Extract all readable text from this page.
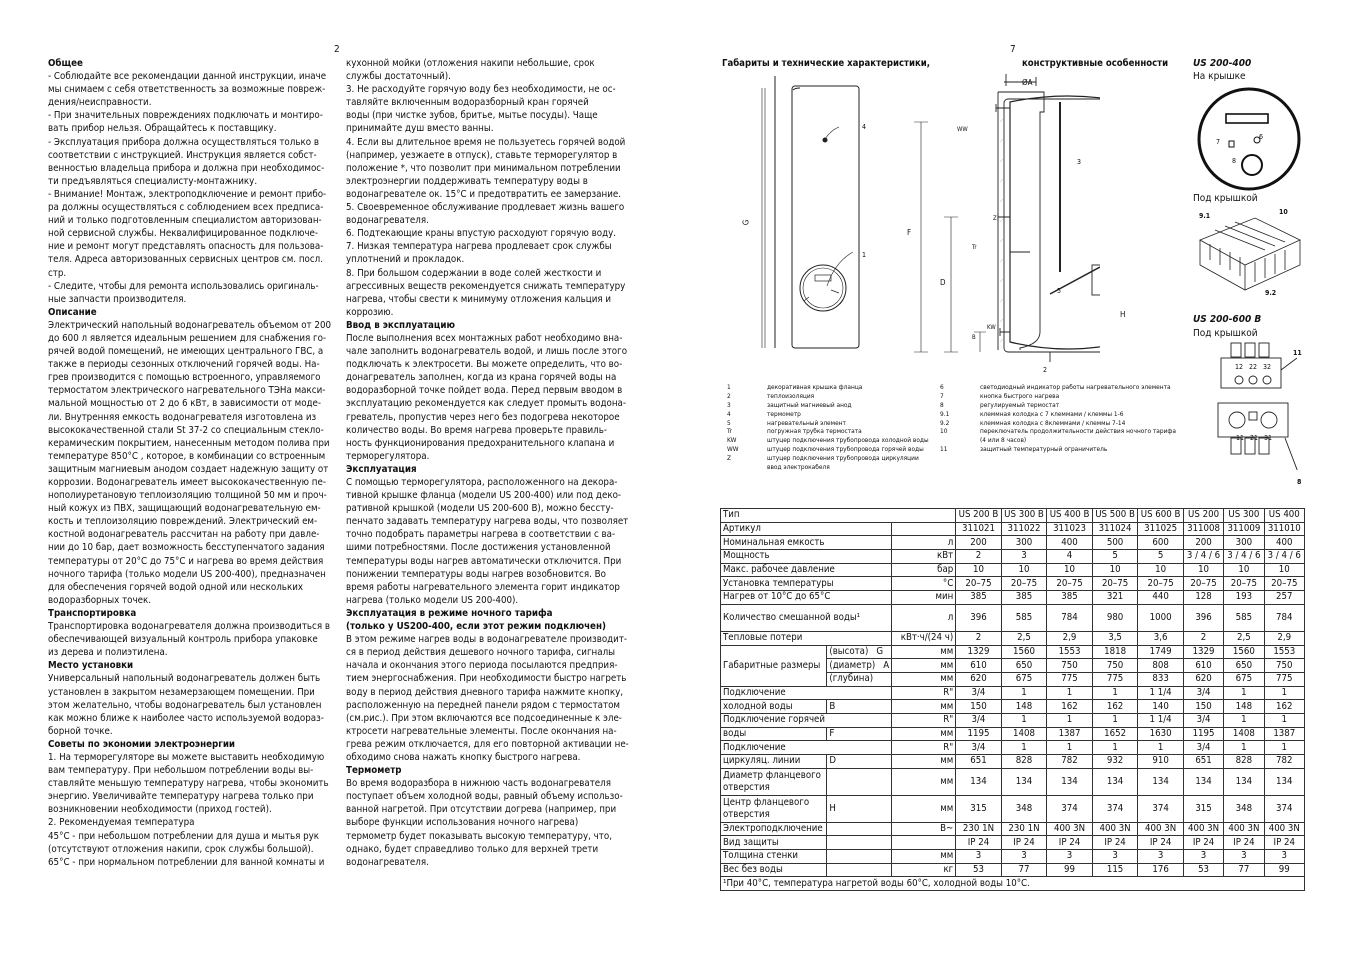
2	7

Общее

- Соблюдайте все рекомендации данной инструкции, иначе

мы снимаем с себя ответственность за возможные повреж-

дения/неисправности.

- При значительных повреждениях подключать и монтиро-

вать прибор нельзя. Обращайтесь к поставщику.

- Эксплуатация прибора должна осуществляться только в

соответствии с инструкцией. Инструкция является собст-

венностью владельца прибора и должна при необходимос-

ти предъявляться специалисту-монтажнику.

- Внимание! Монтаж, электроподключение и ремонт прибо-

ра должны осуществляться с соблюдением всех предписа-

ний и только подготовленным специалистом авторизован-

ной сервисной службы. Неквалифицированное подключе-

ние и ремонт могут представлять опасность для пользова-

теля. Адреса авторизованных сервисных центров см. посл.

стр.

- Следите, чтобы для ремонта использовались оригиналь-

ные запчасти производителя.

Описание

Электрический напольный водонагреватель объемом от 200

до 600 л является идеальным решением для снабжения го-

рячей водой помещений, не имеющих центрального ГВС, а

также в периоды сезонных отключений горячей воды. На-

грев производится с помощью встроенного, управляемого

термостатом электрического нагревательного ТЭНа макси-

мальной мощностью от 2 до 6 кВт, в зависимости от моде-

ли. Внутренняя емкость водонагревателя изготовлена из

высококачественной стали St 37-2 со специальным стекло-

керамическим покрытием, нанесенным методом полива при

температуре 850°С , которое, в комбинации со встроенным

защитным магниевым анодом создает надежную защиту от

коррозии. Водонагреватель имеет высококачественную пе-

нополиуретановую теплоизоляцию толщиной 50 мм и проч-

ный кожух из ПВХ, защищающий водонагревательную ем-

кость и теплоизоляцию повреждений. Электрический ем-

костной водонагреватель рассчитан на работу при давле-

нии до 10 бар, дает возможность бесступенчатого задания

температуры от 20°С до 75°С и нагрева во время действия

ночного тарифа (только модели US 200-400), предназначен

для обеспечения горячей водой одной или нескольких

водоразборных точек.

Транспортировка

Транспортировка водонагревателя должна производиться в

обеспечивающей визуальный контроль прибора упаковке

из дерева и полиэтилена.

Место установки

Универсальный напольный водонагреватель должен быть

установлен в закрытом незамерзающем помещении. При

этом желательно, чтобы водонагреватель был установлен

как можно ближе к наиболее часто используемой водораз-

борной точке.

Советы по экономии электроэнергии

1. На терморегуляторе вы можете выставить необходимую

вам температуру. При небольшом потреблении воды вы-

ставляйте меньшую температуру нагрева, чтобы экономить

энергию. Увеличивайте температуру нагрева только при

возникновении необходимости (приход гостей).

2. Рекомендуемая температура

45°С - при небольшом потреблении для душа и мытья рук

(отсутствуют отложения накипи, срок службы большой).

65°С - при нормальном потреблении для ванной комнаты и

кухонной мойки (отложения накипи небольшие, срок

службы достаточный).

3. Не расходуйте горячую воду без необходимости, не ос-

тавляйте включенным водоразборный кран горячей

воды (при чистке зубов, бритье, мытье посуды). Чаще

принимайте душ вместо ванны.

4. Если вы длительное время не пользуетесь горячей водой

(например, уезжаете в отпуск), ставьте терморегулятор в

положение *, что позволит при минимальном потреблении

электроэнергии поддерживать температуру воды в

водонагревателе ок. 15°С и предотвратить ее замерзание.

5. Своевременное обслуживание продлевает жизнь вашего

водонагревателя.

6. Подтекающие краны впустую расходуют горячую воду.

7. Низкая температура нагрева продлевает срок службы

уплотнений и прокладок.

8. При большом содержании в воде солей жесткости и

агрессивных веществ рекомендуется снижать температуру

нагрева, чтобы свести к минимуму отложения кальция и

коррозию.

Ввод в эксплуатацию

После выполнения всех монтажных работ необходимо вна-

чале заполнить водонагреватель водой, и лишь после этого

подключать к электросети. Вы можете определить, что во-

донагреватель заполнен, когда из крана горячей воды на

водоразборной точке пойдет вода. Перед первым вводом в

эксплуатацию рекомендуется как следует промыть водона-

греватель, пропустив через него без подогрева некоторое

количество воды. Во время нагрева проверьте правиль-

ность функционирования предохранительного клапана и

терморегулятора.

Эксплуатация

С помощью терморегулятора, расположенного на декора-

тивной крышке фланца (модели US 200-400) или под деко-

ративной крышкой (модели US 200-600 В), можно бессту-

пенчато задавать температуру нагрева воды, что позволяет

точно подобрать параметры нагрева в соответствии с ва-

шими потребностями. После достижения установленной

температуры воды нагрев автоматически отключится. При

понижении температуры воды нагрев возобновится. Во

время работы нагревательного элемента горит индикатор

нагрева (только модели US 200-400).

Эксплуатация в режиме ночного тарифа

(только у US200-400, если этот режим подключен)

В этом режиме нагрев воды в водонагревателе производит-

ся в период действия дешевого ночного тарифа, сигналы

начала и окончания этого периода посылаются предприя-

тием энергоснабжения. При необходимости быстро нагреть

воду в период действия дневного тарифа нажмите кнопку,

расположенную на передней панели рядом с термостатом

(см.рис.). При этом включаются все подсоединенные к эле-

ктросети нагревательные элементы. После окончания на-

грева режим отключается, для его повторной активации не-

обходимо снова нажать кнопку быстрого нагрева.

Термометр

Во время водоразбора в нижнюю часть водонагревателя

поступает объем холодной воды, равный объему использо-

ванной нагретой. При отсутствии догрева (например, при

выборе функции использования ночного нагрева)

термометр будет показывать высокую температуру, что,

однако, будет справедливо только для верхней трети

водонагревателя.

Габариты и технические характеристики,	конструктивные особенности US 200-400
На крышке
Под крышкой
US 200-600 B
Под крышкой
G
4
1
ØA
WW
3
F
Z
Tr
D
5
H
KW
B
2
7
6
8
9.1	10
9.2
11
12 22 32
11 21 31
8
1	декоративная крышка фланца
2	теплоизоляция
3	защитный магниевый анод
4	термометр
5	нагревательный элемент
Tr	погружная трубка термостата
KW	штуцер подключения трубопровода холодной воды
WW	штуцер подключения трубопровода горячей воды
Z	штуцер подключения трубопровода циркуляции
ввод электрокабеля
6	светодиодный индикатор работы нагревательного элемента
7	кнопка быстрого нагрева
8	регулируемый термостат
9.1	клеммная колодка с 7 клеммами / клеммы 1-6
9.2	клеммная колодка с 8клеммами / клеммы 7-14
10	переключатель продолжительности действия ночного тарифа
(4 или 8 часов)
11	защитный температурный ограничитель
Тип			US 200 B	US 300 B	US 400 B	US 500 B	US 600 B	US 200	US 300	US 400
Артикул			311021	311022	311023	311024	311025	311008	311009	311010
Номинальная емкость		л	200	300	400	500	600	200	300	400
Мощность		кВт	2	3	4	5	5	3 / 4 / 6	3 / 4 / 6	3 / 4 / 6
Макс. рабочее давление		бар	10	10	10	10	10	10	10	10
Установка температуры		°С	20–75	20–75	20–75	20–75	20–75	20–75	20–75	20–75
Нагрев от 10°С до 65°С		мин	385	385	385	321	440	128	193	257
Количество смешанной воды¹		л	396	585	784	980	1000	396	585	784
Тепловые потери		кВт·ч/(24 ч)	2	2,5	2,9	3,5	3,6	2	2,5	2,9
Габаритные размеры	(высота) G	мм	1329	1560	1553	1818	1749	1329	1560	1553
	(диаметр) A	мм	610	650	750	750	808	610	650	750
	(глубина)	мм	620	675	775	775	833	620	675	775
Подключение		R"	3/4	1	1	1	1 1/4	3/4	1	1
холодной воды	B	мм	150	148	162	162	140	150	148	162
Подключение горячей		R"	3/4	1	1	1	1 1/4	3/4	1	1
воды	F	мм	1195	1408	1387	1652	1630	1195	1408	1387
Подключение		R"	3/4	1	1	1	1	3/4	1	1
циркуляц. линии	D	мм	651	828	782	932	910	651	828	782
Диаметр фланцевого отверстия		мм	134	134	134	134	134	134	134	134
Центр фланцевого отверстия	H	мм	315	348	374	374	374	315	348	374
Электроподключение		В~	230 1N	230 1N	400 3N	400 3N	400 3N	400 3N	400 3N	400 3N
Вид защиты			IP 24	IP 24	IP 24	IP 24	IP 24	IP 24	IP 24	IP 24
Толщина стенки		мм	3	3	3	3	3	3	3	3
Вес без воды		кг	53	77	99	115	176	53	77	99
¹При 40°С, температура нагретой воды 60°С, холодной воды 10°С.										
